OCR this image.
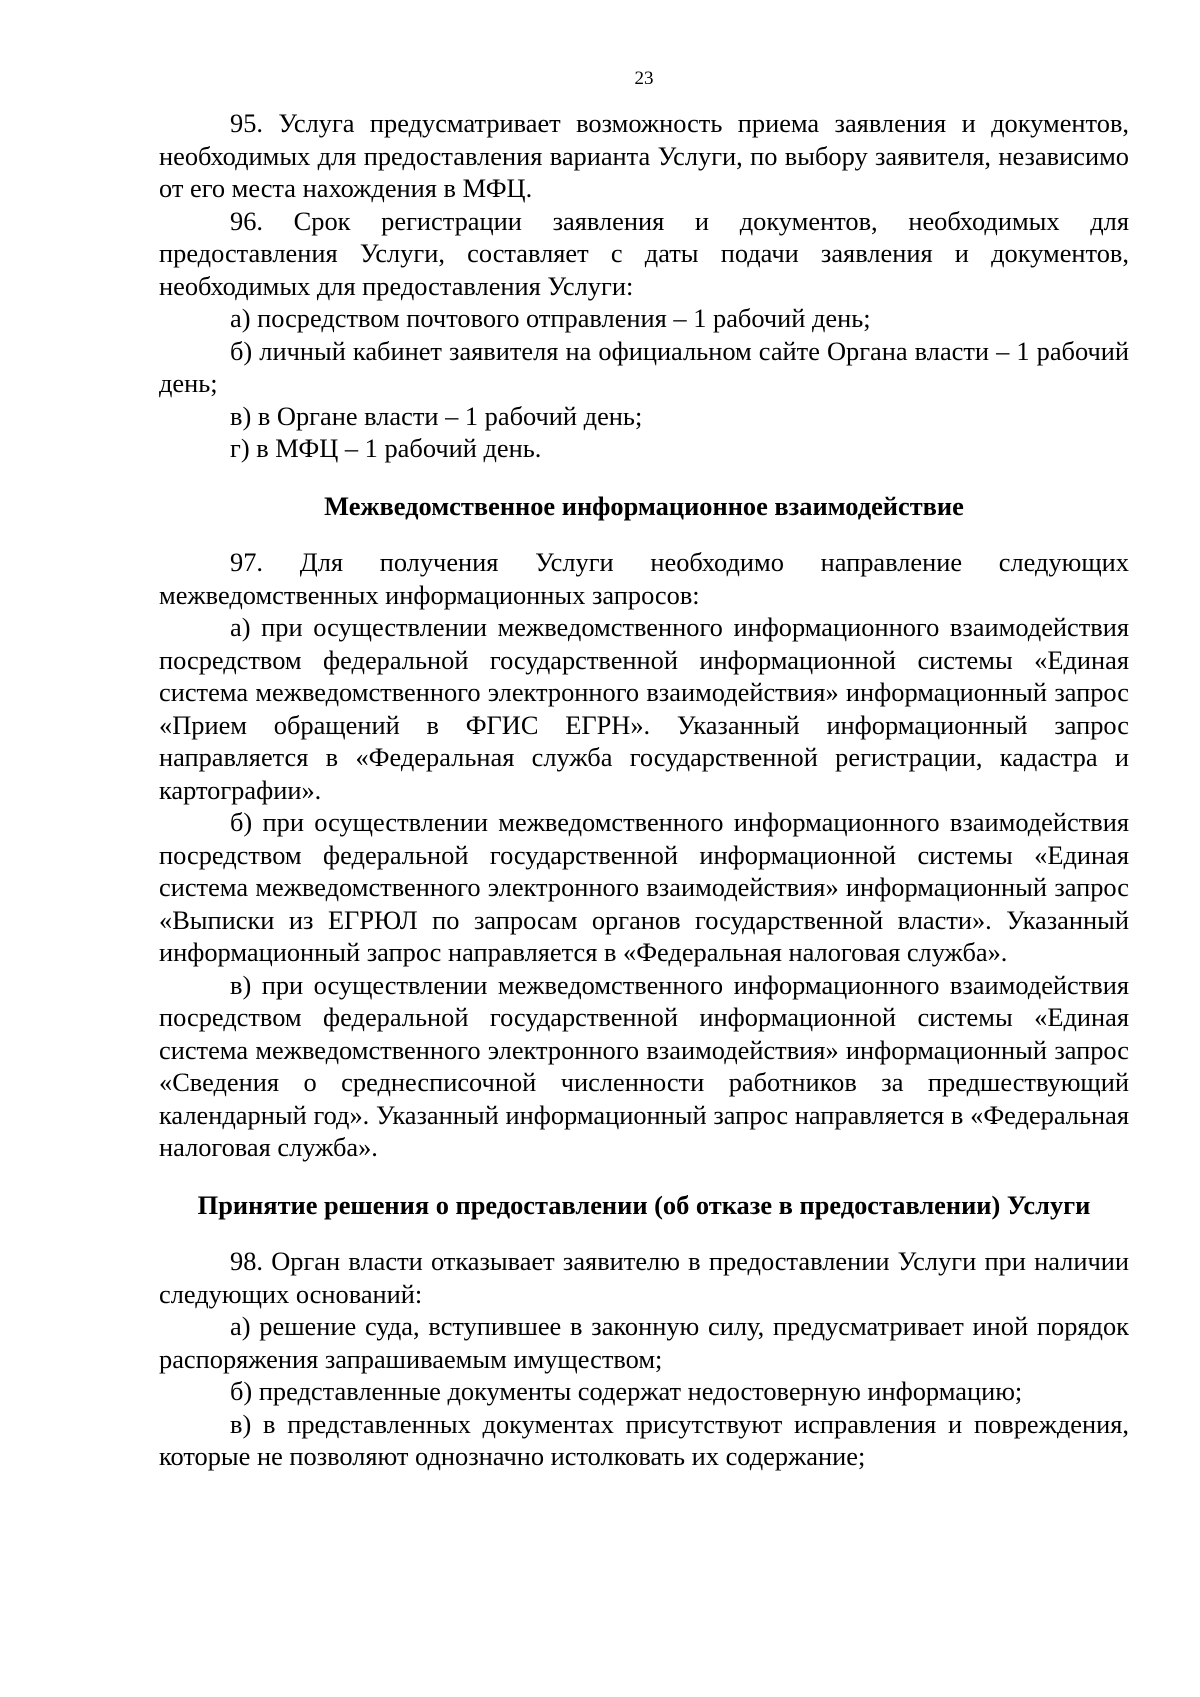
23

95. Услуга предусматривает возможность приема заявления и документов, необходимых для предоставления варианта Услуги, по выбору заявителя, независимо от его места нахождения в МФЦ.

96. Срок регистрации заявления и документов, необходимых для предоставления Услуги, составляет с даты подачи заявления и документов, необходимых для предоставления Услуги:

а) посредством почтового отправления – 1 рабочий день;

б) личный кабинет заявителя на официальном сайте Органа власти – 1 рабочий день;

в) в Органе власти – 1 рабочий день;

г) в МФЦ – 1 рабочий день.

Межведомственное информационное взаимодействие

97. Для получения Услуги необходимо направление следующих межведомственных информационных запросов:

а) при осуществлении межведомственного информационного взаимодействия посредством федеральной государственной информационной системы «Единая система межведомственного электронного взаимодействия» информационный запрос «Прием обращений в ФГИС ЕГРН». Указанный информационный запрос направляется в «Федеральная служба государственной регистрации, кадастра и картографии».

б) при осуществлении межведомственного информационного взаимодействия посредством федеральной государственной информационной системы «Единая система межведомственного электронного взаимодействия» информационный запрос «Выписки из ЕГРЮЛ по запросам органов государственной власти». Указанный информационный запрос направляется в «Федеральная налоговая служба».

в) при осуществлении межведомственного информационного взаимодействия посредством федеральной государственной информационной системы «Единая система межведомственного электронного взаимодействия» информационный запрос «Сведения о среднесписочной численности работников за предшествующий календарный год». Указанный информационный запрос направляется в «Федеральная налоговая служба».

Принятие решения о предоставлении (об отказе в предоставлении) Услуги

98. Орган власти отказывает заявителю в предоставлении Услуги при наличии следующих оснований:

а) решение суда, вступившее в законную силу, предусматривает иной порядок распоряжения запрашиваемым имуществом;

б) представленные документы содержат недостоверную информацию;

в) в представленных документах присутствуют исправления и повреждения, которые не позволяют однозначно истолковать их содержание;
